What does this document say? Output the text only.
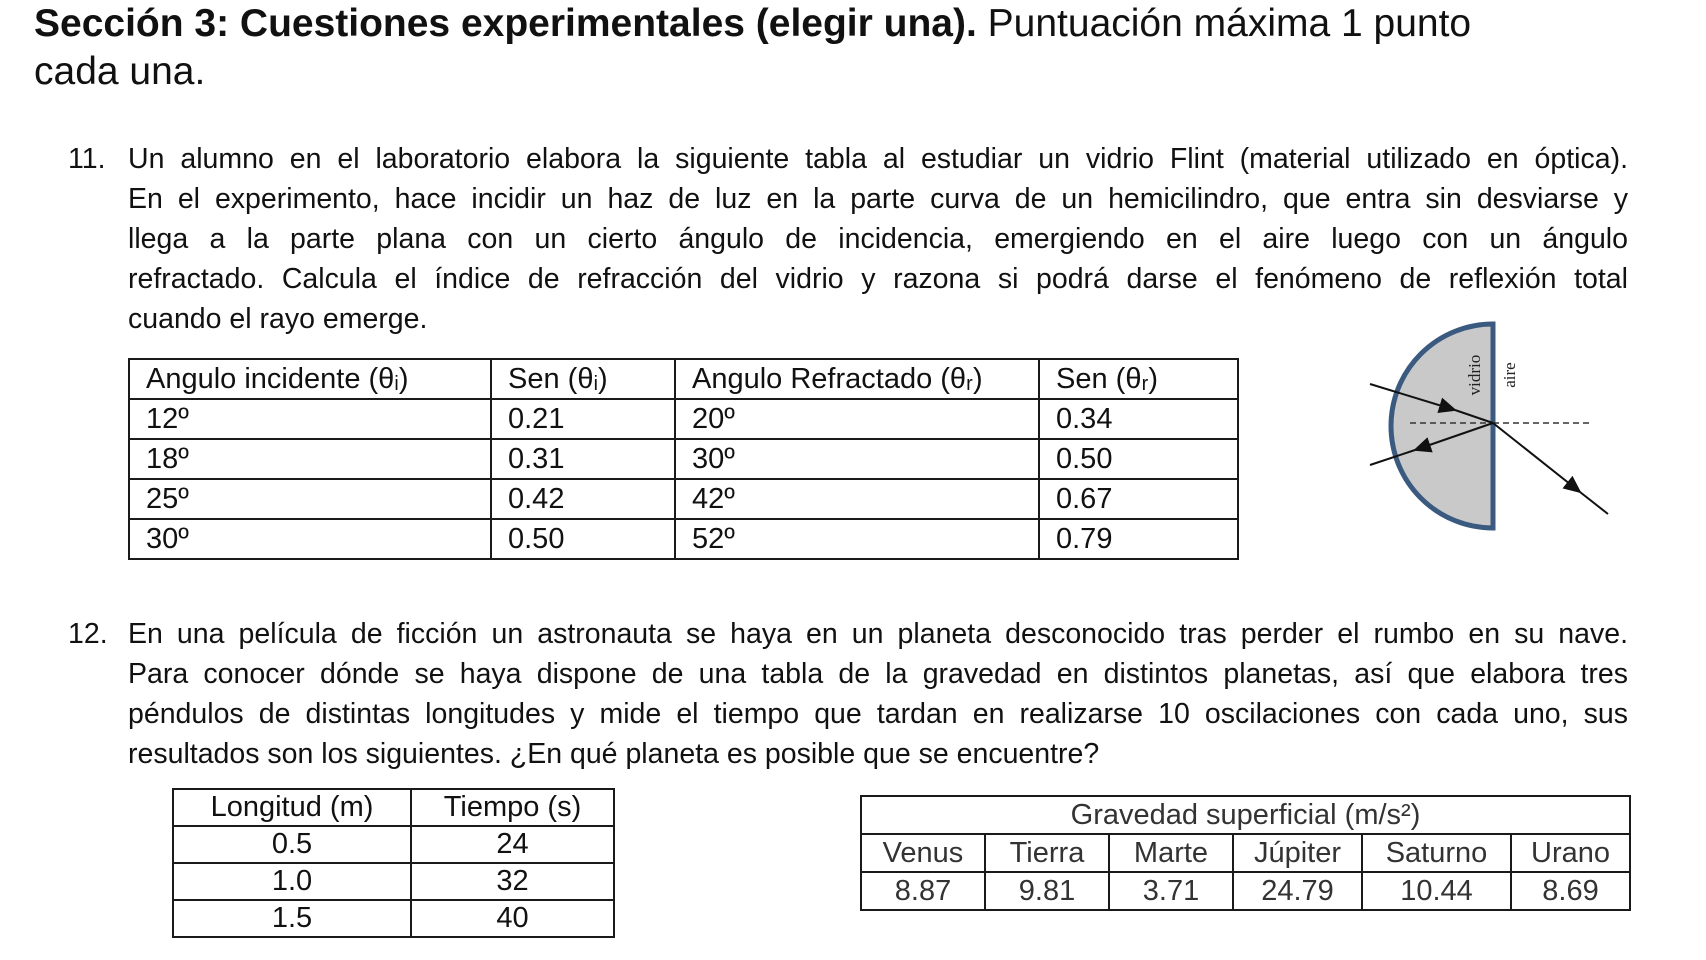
Sección 3: Cuestiones experimentales (elegir una). Puntuación máxima 1 punto
cada una.
11. Un alumno en el laboratorio elabora la siguiente tabla al estudiar un vidrio Flint (material utilizado en óptica).
En el experimento, hace incidir un haz de luz en la parte curva de un hemicilindro, que entra sin desviarse y
llega a la parte plana con un cierto ángulo de incidencia, emergiendo en el aire luego con un ángulo
refractado. Calcula el índice de refracción del vidrio y razona si podrá darse el fenómeno de reflexión total
cuando el rayo emerge.
Angulo incidente (θᵢ)	Sen (θᵢ)	Angulo Refractado (θᵣ)	Sen (θᵣ)
12º	0.21	20º	0.34
18º	0.31	30º	0.50
25º	0.42	42º	0.67
30º	0.50	52º	0.79
vidrio aire
12. En una película de ficción un astronauta se haya en un planeta desconocido tras perder el rumbo en su nave.
Para conocer dónde se haya dispone de una tabla de la gravedad en distintos planetas, así que elabora tres
péndulos de distintas longitudes y mide el tiempo que tardan en realizarse 10 oscilaciones con cada uno, sus
resultados son los siguientes. ¿En qué planeta es posible que se encuentre?
Longitud (m)	Tiempo (s)
0.5	24
1.0	32
1.5	40
Gravedad superficial (m/s²)					
Venus	Tierra	Marte	Júpiter	Saturno	Urano
8.87	9.81	3.71	24.79	10.44	8.69
